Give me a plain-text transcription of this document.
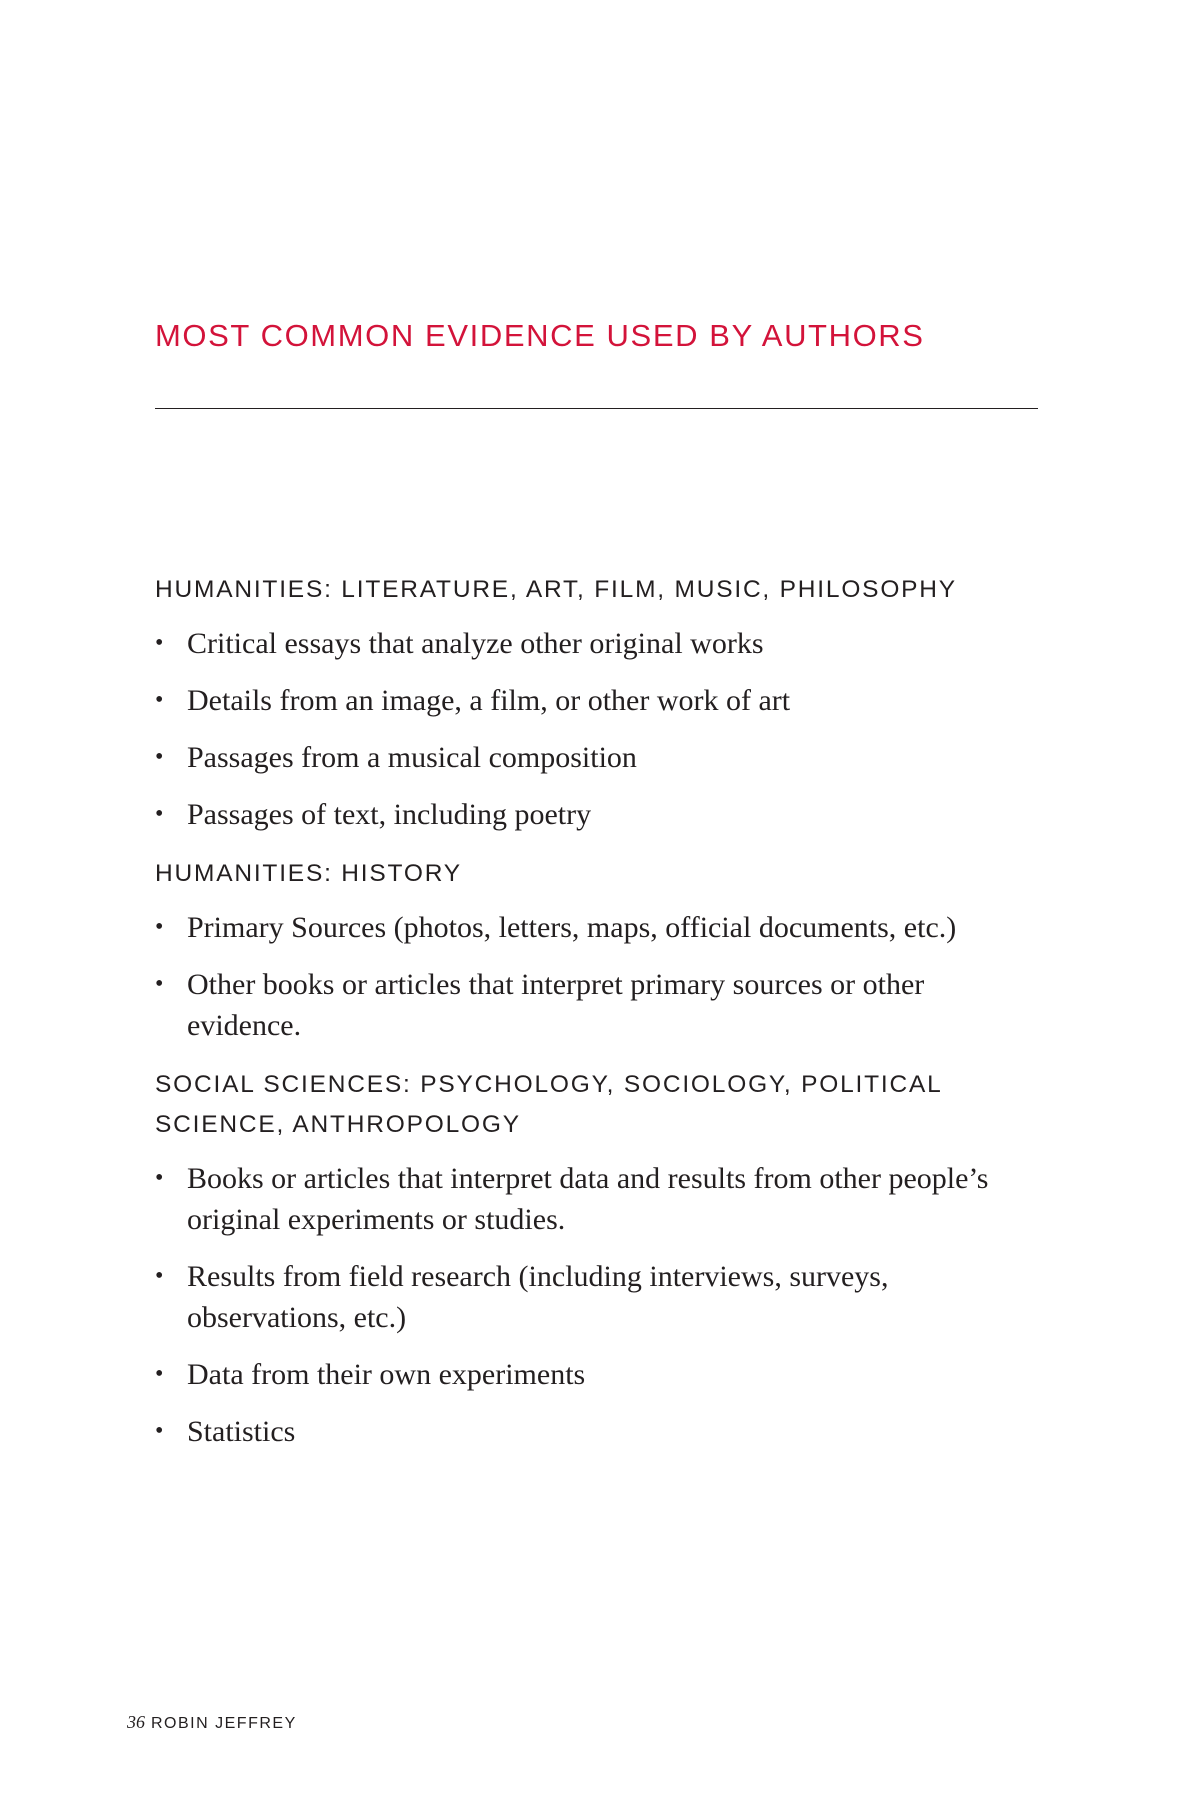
MOST COMMON EVIDENCE USED BY AUTHORS
HUMANITIES: LITERATURE, ART, FILM, MUSIC, PHILOSOPHY
• Critical essays that analyze other original works
• Details from an image, a film, or other work of art
• Passages from a musical composition
• Passages of text, including poetry
HUMANITIES: HISTORY
• Primary Sources (photos, letters, maps, official documents, etc.)
• Other books or articles that interpret primary sources or other evidence.
SOCIAL SCIENCES: PSYCHOLOGY, SOCIOLOGY, POLITICAL SCIENCE, ANTHROPOLOGY
• Books or articles that interpret data and results from other people’s original experiments or studies.
• Results from field research (including interviews, surveys, observations, etc.)
• Data from their own experiments
• Statistics
36 ROBIN JEFFREY
